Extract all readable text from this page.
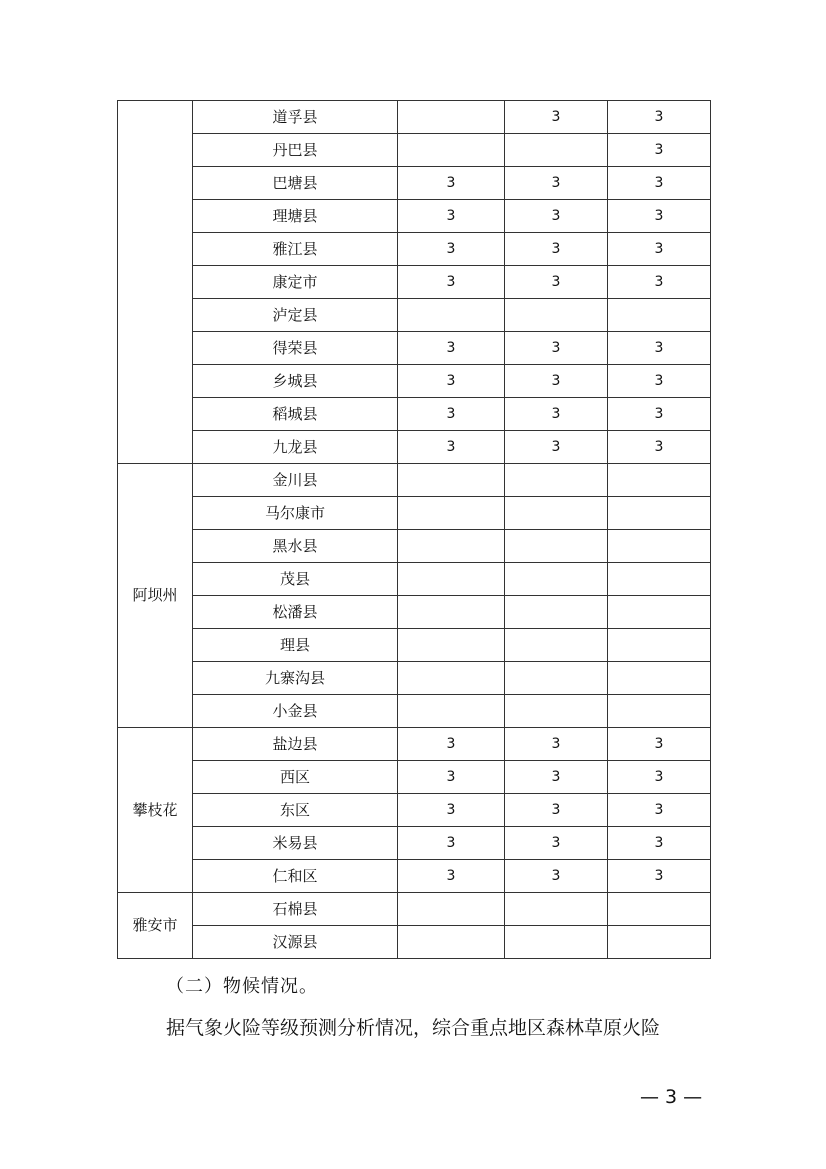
	道孚县		3	3
	丹巴县			3
	巴塘县	3	3	3
	理塘县	3	3	3
	雅江县	3	3	3
	康定市	3	3	3
	泸定县			
	得荣县	3	3	3
	乡城县	3	3	3
	稻城县	3	3	3
	九龙县	3	3	3
阿坝州	金川县			
	马尔康市			
	黑水县			
	茂县			
	松潘县			
	理县			
	九寨沟县			
	小金县			
攀枝花	盐边县	3	3	3
	西区	3	3	3
	东区	3	3	3
	米易县	3	3	3
	仁和区	3	3	3
雅安市	石棉县			
	汉源县			
（二）物候情况。
据气象火险等级预测分析情况，综合重点地区森林草原火险
— 3 —
